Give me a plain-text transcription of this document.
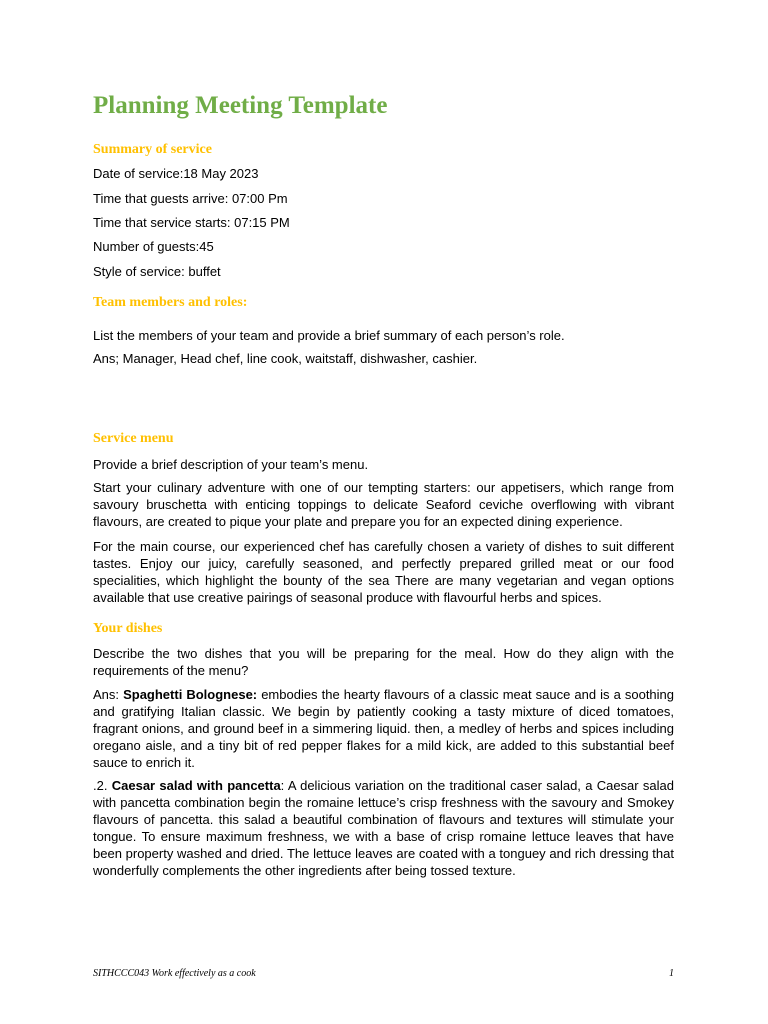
Planning Meeting Template
Summary of service

Date of service:18 May 2023

Time that guests arrive: 07:00 Pm

Time that service starts: 07:15 PM

Number of guests:45

Style of service: buffet

Team members and roles:

List the members of your team and provide a brief summary of each person’s role.

Ans; Manager, Head chef, line cook, waitstaff, dishwasher, cashier.

Service menu

Provide a brief description of your team’s menu.

Start your culinary adventure with one of our tempting starters: our appetisers, which range from savoury bruschetta with enticing toppings to delicate Seaford ceviche overflowing with vibrant flavours, are created to pique your plate and prepare you for an expected dining experience.

For the main course, our experienced chef has carefully chosen a variety of dishes to suit different tastes. Enjoy our juicy, carefully seasoned, and perfectly prepared grilled meat or our food specialities, which highlight the bounty of the sea There are many vegetarian and vegan options available that use creative pairings of seasonal produce with flavourful herbs and spices.

Your dishes

Describe the two dishes that you will be preparing for the meal. How do they align with the requirements of the menu?

Ans: Spaghetti Bolognese: embodies the hearty flavours of a classic meat sauce and is a soothing and gratifying Italian classic. We begin by patiently cooking a tasty mixture of diced tomatoes, fragrant onions, and ground beef in a simmering liquid. then, a medley of herbs and spices including oregano aisle, and a tiny bit of red pepper flakes for a mild kick, are added to this substantial beef sauce to enrich it.

.2. Caesar salad with pancetta: A delicious variation on the traditional caser salad, a Caesar salad with pancetta combination begin the romaine lettuce’s crisp freshness with the savoury and Smokey flavours of pancetta. this salad a beautiful combination of flavours and textures will stimulate your tongue. To ensure maximum freshness, we with a base of crisp romaine lettuce leaves that have been property washed and dried. The lettuce leaves are coated with a tonguey and rich dressing that wonderfully complements the other ingredients after being tossed texture.

SITHCCC043 Work effectively as a cook	1
